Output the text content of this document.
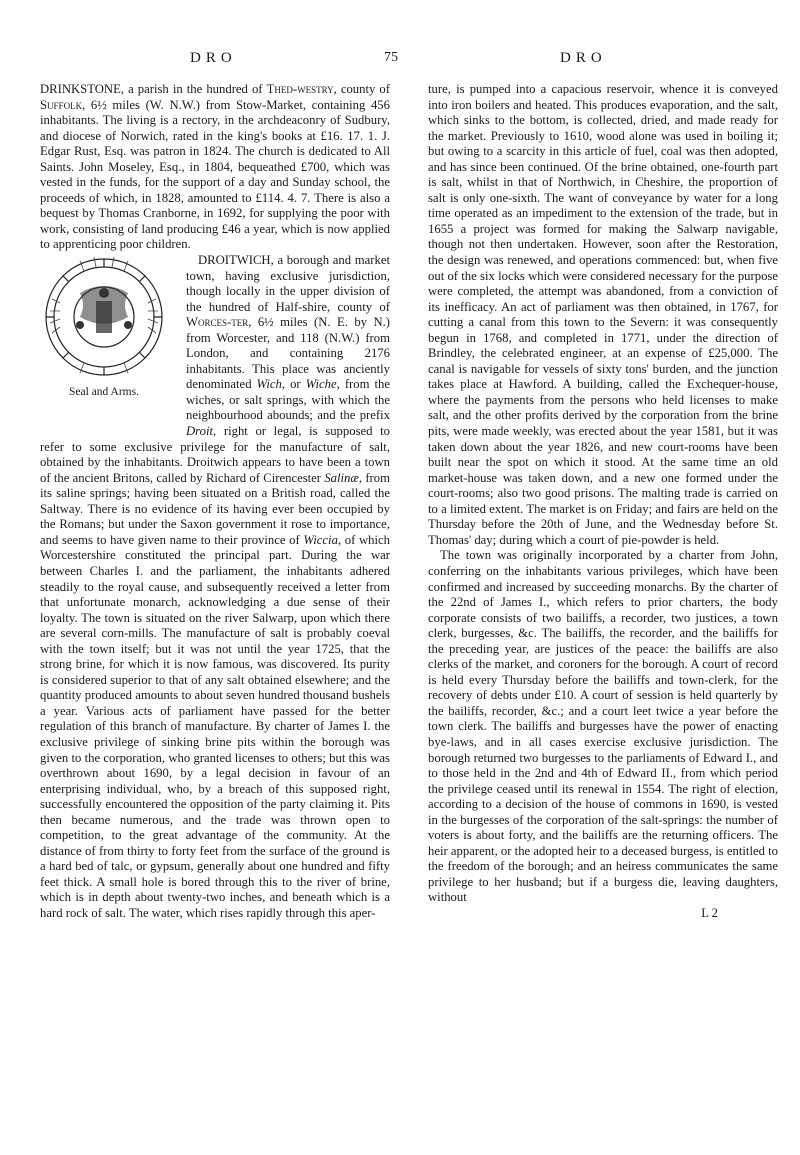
DRO	75	DRO

DRINKSTONE, a parish in the hundred of Thed-westry, county of Suffolk, 6½ miles (W. N.W.) from Stow-Market, containing 456 inhabitants. The living is a rectory, in the archdeaconry of Sudbury, and diocese of Norwich, rated in the king's books at £16. 17. 1. J. Edgar Rust, Esq. was patron in 1824. The church is dedicated to All Saints. John Moseley, Esq., in 1804, bequeathed £700, which was vested in the funds, for the support of a day and Sunday school, the proceeds of which, in 1828, amounted to £114. 4. 7. There is also a bequest by Thomas Cranborne, in 1692, for supplying the poor with work, consisting of land producing £46 a year, which is now applied to apprenticing poor children.

Seal and Arms.

DROITWICH, a borough and market town, having exclusive jurisdiction, though locally in the upper division of the hundred of Half-shire, county of Worces-ter, 6½ miles (N. E. by N.) from Worcester, and 118 (N.W.) from London, and containing 2176 inhabitants. This place was anciently denominated Wich, or Wiche, from the wiches, or salt springs, with which the neighbourhood abounds; and the prefix Droit, right or legal, is supposed to refer to some exclusive privilege for the manufacture of salt, obtained by the inhabitants. Droitwich appears to have been a town of the ancient Britons, called by Richard of Cirencester Salinæ, from its saline springs; having been situated on a British road, called the Saltway. There is no evidence of its having ever been occupied by the Romans; but under the Saxon government it rose to importance, and seems to have given name to their province of Wiccia, of which Worcestershire constituted the principal part. During the war between Charles I. and the parliament, the inhabitants adhered steadily to the royal cause, and subsequently received a letter from that unfortunate monarch, acknowledging a due sense of their loyalty. The town is situated on the river Salwarp, upon which there are several corn-mills. The manufacture of salt is probably coeval with the town itself; but it was not until the year 1725, that the strong brine, for which it is now famous, was discovered. Its purity is considered superior to that of any salt obtained elsewhere; and the quantity produced amounts to about seven hundred thousand bushels a year. Various acts of parliament have passed for the better regulation of this branch of manufacture. By charter of James I. the exclusive privilege of sinking brine pits within the borough was given to the corporation, who granted licenses to others; but this was overthrown about 1690, by a legal decision in favour of an enterprising individual, who, by a breach of this supposed right, successfully encountered the opposition of the party claiming it. Pits then became numerous, and the trade was thrown open to competition, to the great advantage of the community. At the distance of from thirty to forty feet from the surface of the ground is a hard bed of talc, or gypsum, generally about one hundred and fifty feet thick. A small hole is bored through this to the river of brine, which is in depth about twenty-two inches, and beneath which is a hard rock of salt. The water, which rises rapidly through this aper-

ture, is pumped into a capacious reservoir, whence it is conveyed into iron boilers and heated. This produces evaporation, and the salt, which sinks to the bottom, is collected, dried, and made ready for the market. Previously to 1610, wood alone was used in boiling it; but owing to a scarcity in this article of fuel, coal was then adopted, and has since been continued. Of the brine obtained, one-fourth part is salt, whilst in that of Northwich, in Cheshire, the proportion of salt is only one-sixth. The want of conveyance by water for a long time operated as an impediment to the extension of the trade, but in 1655 a project was formed for making the Salwarp navigable, though not then undertaken. However, soon after the Restoration, the design was renewed, and operations commenced: but, when five out of the six locks which were considered necessary for the purpose were completed, the attempt was abandoned, from a conviction of its inefficacy. An act of parliament was then obtained, in 1767, for cutting a canal from this town to the Severn: it was consequently begun in 1768, and completed in 1771, under the direction of Brindley, the celebrated engineer, at an expense of £25,000. The canal is navigable for vessels of sixty tons' burden, and the junction takes place at Hawford. A building, called the Exchequer-house, where the payments from the persons who held licenses to make salt, and the other profits derived by the corporation from the brine pits, were made weekly, was erected about the year 1581, but it was taken down about the year 1826, and new court-rooms have been built near the spot on which it stood. At the same time an old market-house was taken down, and a new one formed under the court-rooms; also two good prisons. The malting trade is carried on to a limited extent. The market is on Friday; and fairs are held on the Thursday before the 20th of June, and the Wednesday before St. Thomas' day; during which a court of pie-powder is held.

The town was originally incorporated by a charter from John, conferring on the inhabitants various privileges, which have been confirmed and increased by succeeding monarchs. By the charter of the 22nd of James I., which refers to prior charters, the body corporate consists of two bailiffs, a recorder, two justices, a town clerk, burgesses, &c. The bailiffs, the recorder, and the bailiffs for the preceding year, are justices of the peace: the bailiffs are also clerks of the market, and coroners for the borough. A court of record is held every Thursday before the bailiffs and town-clerk, for the recovery of debts under £10. A court of session is held quarterly by the bailiffs, recorder, &c.; and a court leet twice a year before the town clerk. The bailiffs and burgesses have the power of enacting bye-laws, and in all cases exercise exclusive jurisdiction. The borough returned two burgesses to the parliaments of Edward I., and to those held in the 2nd and 4th of Edward II., from which period the privilege ceased until its renewal in 1554. The right of election, according to a decision of the house of commons in 1690, is vested in the burgesses of the corporation of the salt-springs: the number of voters is about forty, and the bailiffs are the returning officers. The heir apparent, or the adopted heir to a deceased burgess, is entitled to the freedom of the borough; and an heiress communicates the same privilege to her husband; but if a burgess die, leaving daughters, without

L 2
